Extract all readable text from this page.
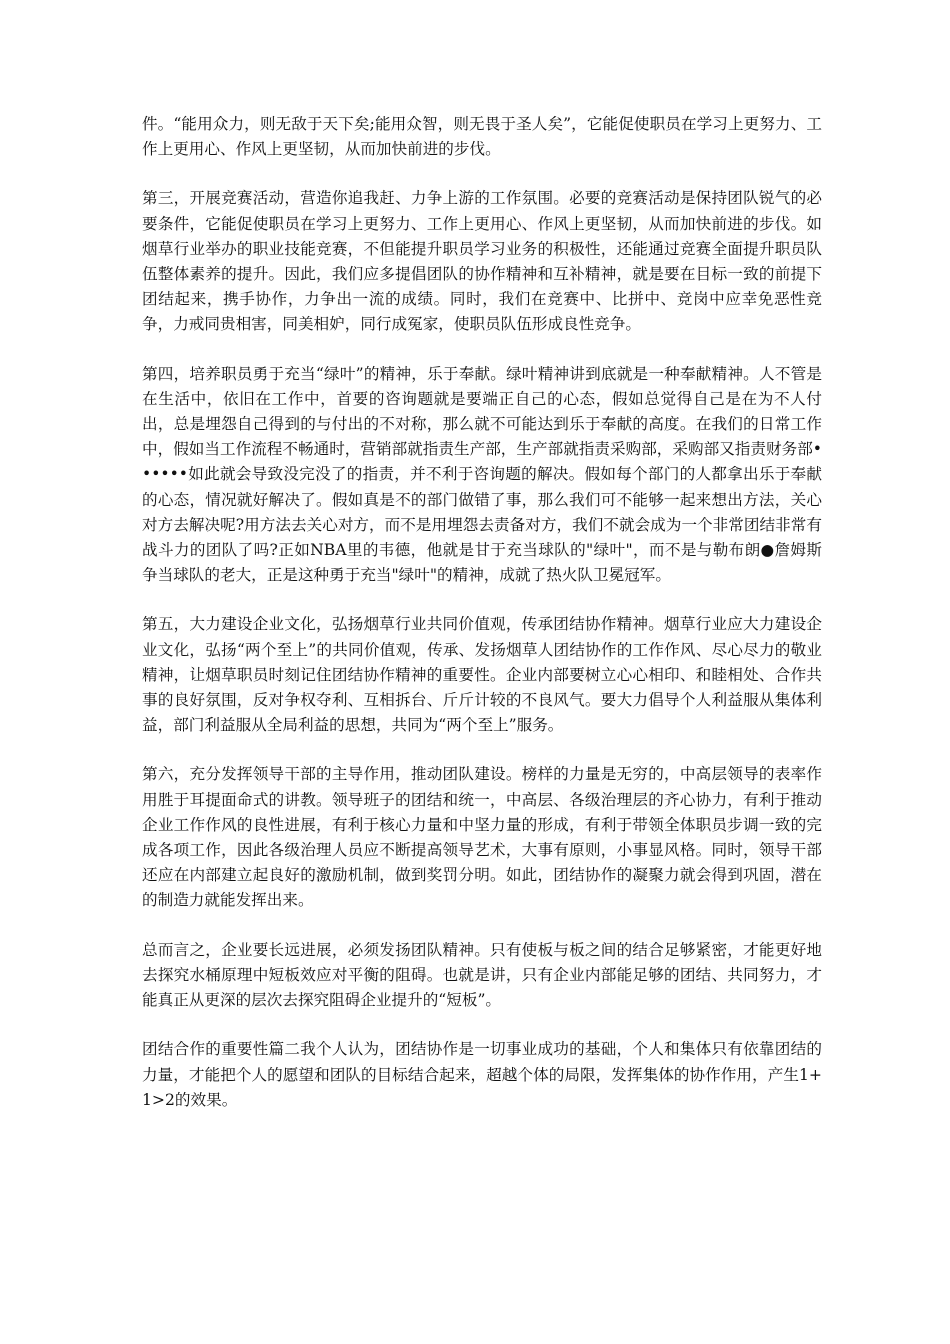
件。“能用众力，则无敌于天下矣;能用众智，则无畏于圣人矣”，它能促使职员在学习上更努力、工作上更用心、作风上更坚韧，从而加快前进的步伐。

第三，开展竞赛活动，营造你追我赶、力争上游的工作氛围。必要的竞赛活动是保持团队锐气的必要条件，它能促使职员在学习上更努力、工作上更用心、作风上更坚韧，从而加快前进的步伐。如烟草行业举办的职业技能竞赛，不但能提升职员学习业务的积极性，还能通过竞赛全面提升职员队伍整体素养的提升。因此，我们应多提倡团队的协作精神和互补精神，就是要在目标一致的前提下团结起来，携手协作，力争出一流的成绩。同时，我们在竞赛中、比拼中、竞岗中应幸免恶性竞争，力戒同贵相害，同美相妒，同行成冤家，使职员队伍形成良性竞争。

第四，培养职员勇于充当“绿叶”的精神，乐于奉献。绿叶精神讲到底就是一种奉献精神。人不管是在生活中，依旧在工作中，首要的咨询题就是要端正自己的心态，假如总觉得自己是在为不人付出，总是埋怨自己得到的与付出的不对称，那么就不可能达到乐于奉献的高度。在我们的日常工作中，假如当工作流程不畅通时，营销部就指责生产部，生产部就指责采购部，采购部又指责财务部••••••如此就会导致没完没了的指责，并不利于咨询题的解决。假如每个部门的人都拿出乐于奉献的心态，情况就好解决了。假如真是不的部门做错了事，那么我们可不能够一起来想出方法，关心对方去解决呢?用方法去关心对方，而不是用埋怨去责备对方，我们不就会成为一个非常团结非常有战斗力的团队了吗?正如NBA里的韦德，他就是甘于充当球队的"绿叶"，而不是与勒布朗●詹姆斯争当球队的老大，正是这种勇于充当"绿叶"的精神，成就了热火队卫冕冠军。

第五，大力建设企业文化，弘扬烟草行业共同价值观，传承团结协作精神。烟草行业应大力建设企业文化，弘扬“两个至上”的共同价值观，传承、发扬烟草人团结协作的工作作风、尽心尽力的敬业精神，让烟草职员时刻记住团结协作精神的重要性。企业内部要树立心心相印、和睦相处、合作共事的良好氛围，反对争权夺利、互相拆台、斤斤计较的不良风气。要大力倡导个人利益服从集体利益，部门利益服从全局利益的思想，共同为“两个至上”服务。

第六，充分发挥领导干部的主导作用，推动团队建设。榜样的力量是无穷的，中高层领导的表率作用胜于耳提面命式的讲教。领导班子的团结和统一，中高层、各级治理层的齐心协力，有利于推动企业工作作风的良性进展，有利于核心力量和中坚力量的形成，有利于带领全体职员步调一致的完成各项工作，因此各级治理人员应不断提高领导艺术，大事有原则，小事显风格。同时，领导干部还应在内部建立起良好的激励机制，做到奖罚分明。如此，团结协作的凝聚力就会得到巩固，潜在的制造力就能发挥出来。

总而言之，企业要长远进展，必须发扬团队精神。只有使板与板之间的结合足够紧密，才能更好地去探究水桶原理中短板效应对平衡的阻碍。也就是讲，只有企业内部能足够的团结、共同努力，才能真正从更深的层次去探究阻碍企业提升的“短板”。

团结合作的重要性篇二我个人认为，团结协作是一切事业成功的基础，个人和集体只有依靠团结的力量，才能把个人的愿望和团队的目标结合起来，超越个体的局限，发挥集体的协作作用，产生1+1>2的效果。
